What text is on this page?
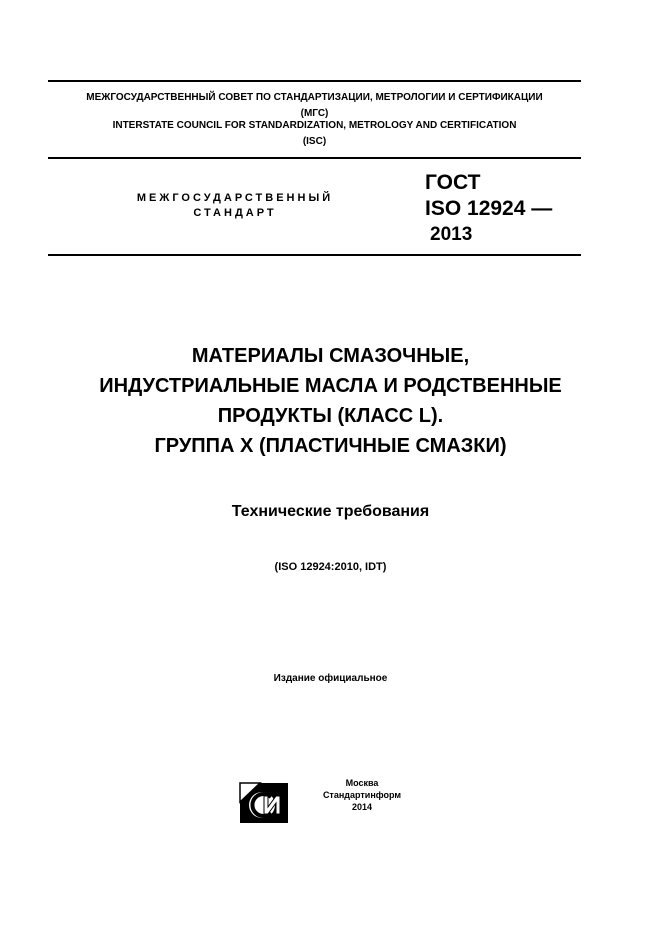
МЕЖГОСУДАРСТВЕННЫЙ СОВЕТ ПО СТАНДАРТИЗАЦИИ, МЕТРОЛОГИИ И СЕРТИФИКАЦИИ
(МГС)
INTERSTATE COUNCIL FOR STANDARDIZATION, METROLOGY AND CERTIFICATION
(ISC)
МЕЖГОСУДАРСТВЕННЫЙ
СТАНДАРТ
ГОСТ
ISO 12924 —
2013
МАТЕРИАЛЫ СМАЗОЧНЫЕ,
ИНДУСТРИАЛЬНЫЕ МАСЛА И РОДСТВЕННЫЕ
ПРОДУКТЫ (КЛАСС L).
ГРУППА X (ПЛАСТИЧНЫЕ СМАЗКИ)
Технические требования
(ISO 12924:2010, IDT)
Издание официальное
Москва
Стандартинформ
2014
